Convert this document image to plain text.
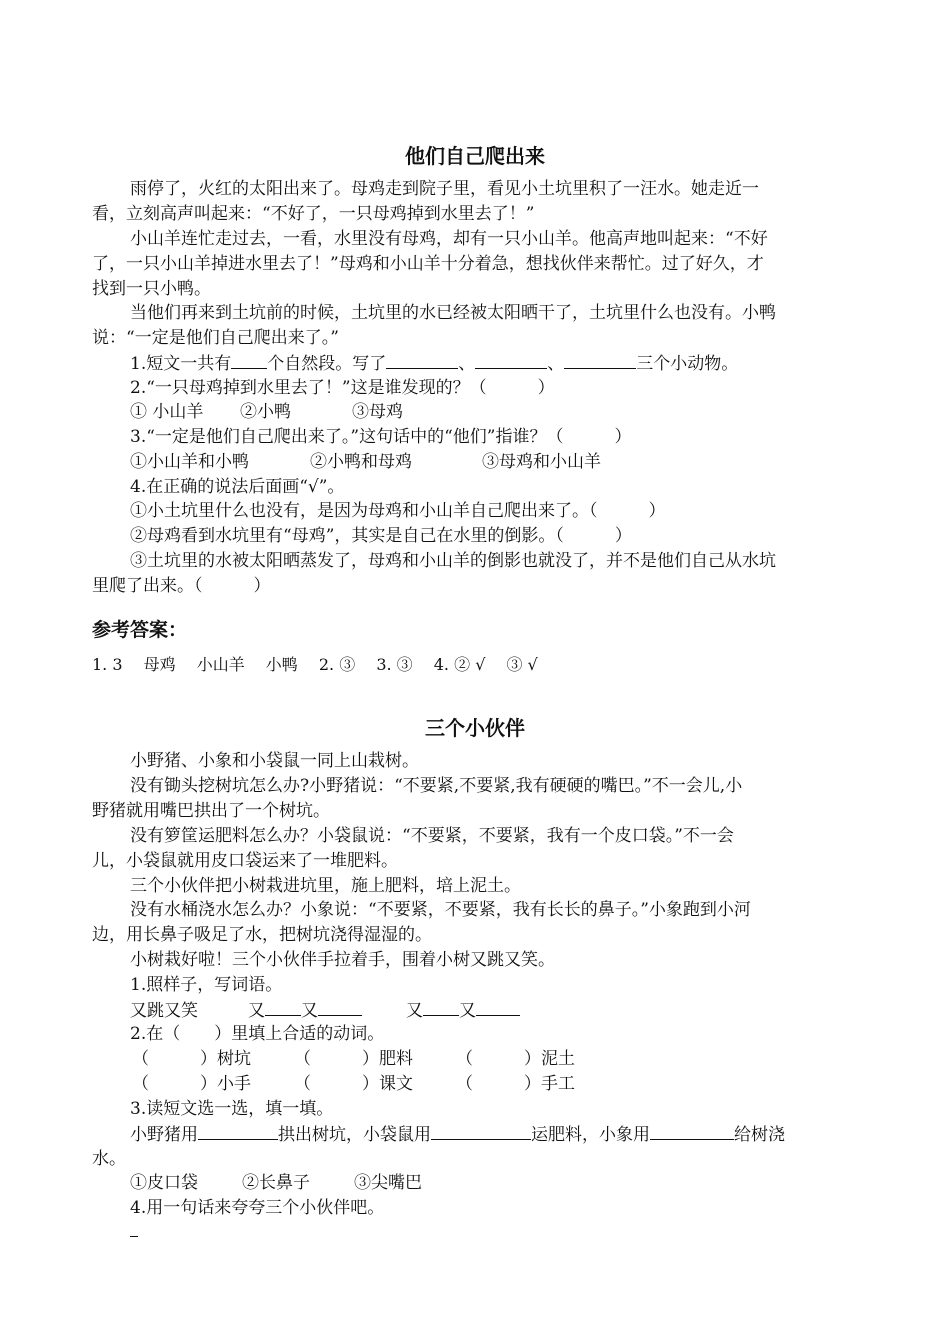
他们自己爬出来
雨停了，火红的太阳出来了。母鸡走到院子里，看见小土坑里积了一汪水。她走近一
看，立刻高声叫起来：“不好了，一只母鸡掉到水里去了！”
小山羊连忙走过去，一看，水里没有母鸡，却有一只小山羊。他高声地叫起来：“不好
了，一只小山羊掉进水里去了！”母鸡和小山羊十分着急，想找伙伴来帮忙。过了好久，才
找到一只小鸭。
当他们再来到土坑前的时候，土坑里的水已经被太阳晒干了，土坑里什么也没有。小鸭
说：“一定是他们自己爬出来了。”
1.短文一共有 个自然段。写了	、	、	三个小动物。
2.“一只母鸡掉到水里去了！”这是谁发现的？（　　　）
① 小山羊 ②小鸭	③母鸡
3.“一定是他们自己爬出来了。”这句话中的“他们”指谁？（　　　）
①小山羊和小鸭	②小鸭和母鸡	③母鸡和小山羊
4.在正确的说法后面画“√”。
①小土坑里什么也没有，是因为母鸡和小山羊自己爬出来了。（　　　）
②母鸡看到水坑里有“母鸡”，其实是自己在水里的倒影。（　　　）
③土坑里的水被太阳晒蒸发了，母鸡和小山羊的倒影也就没了，并不是他们自己从水坑
里爬了出来。（　　　）
参考答案：
1. 3　 母鸡　 小山羊　 小鸭　 2. ③　 3. ③　 4. ② √　 ③ √
三个小伙伴
小野猪、小象和小袋鼠一同上山栽树。
没有锄头挖树坑怎么办?小野猪说：“不要紧,不要紧,我有硬硬的嘴巴。”不一会儿,小
野猪就用嘴巴拱出了一个树坑。
没有箩筐运肥料怎么办？小袋鼠说：“不要紧，不要紧，我有一个皮口袋。”不一会
儿，小袋鼠就用皮口袋运来了一堆肥料。
三个小伙伴把小树栽进坑里，施上肥料，培上泥土。
没有水桶浇水怎么办？小象说：“不要紧，不要紧，我有长长的鼻子。”小象跑到小河
边，用长鼻子吸足了水，把树坑浇得湿湿的。
小树栽好啦！三个小伙伴手拉着手，围着小树又跳又笑。
1.照样子，写词语。
又跳又笑	又 又	又 又
2.在（　　）里填上合适的动词。
（　　　）树坑	（　　　）肥料	（　　　）泥土
（　　　）小手	（　　　）课文	（　　　）手工
3.读短文选一选，填一填。
小野猪用	拱出树坑，小袋鼠用	运肥料，小象用	给树浇
水。
①皮口袋	②长鼻子	③尖嘴巴
4.用一句话来夸夸三个小伙伴吧。
